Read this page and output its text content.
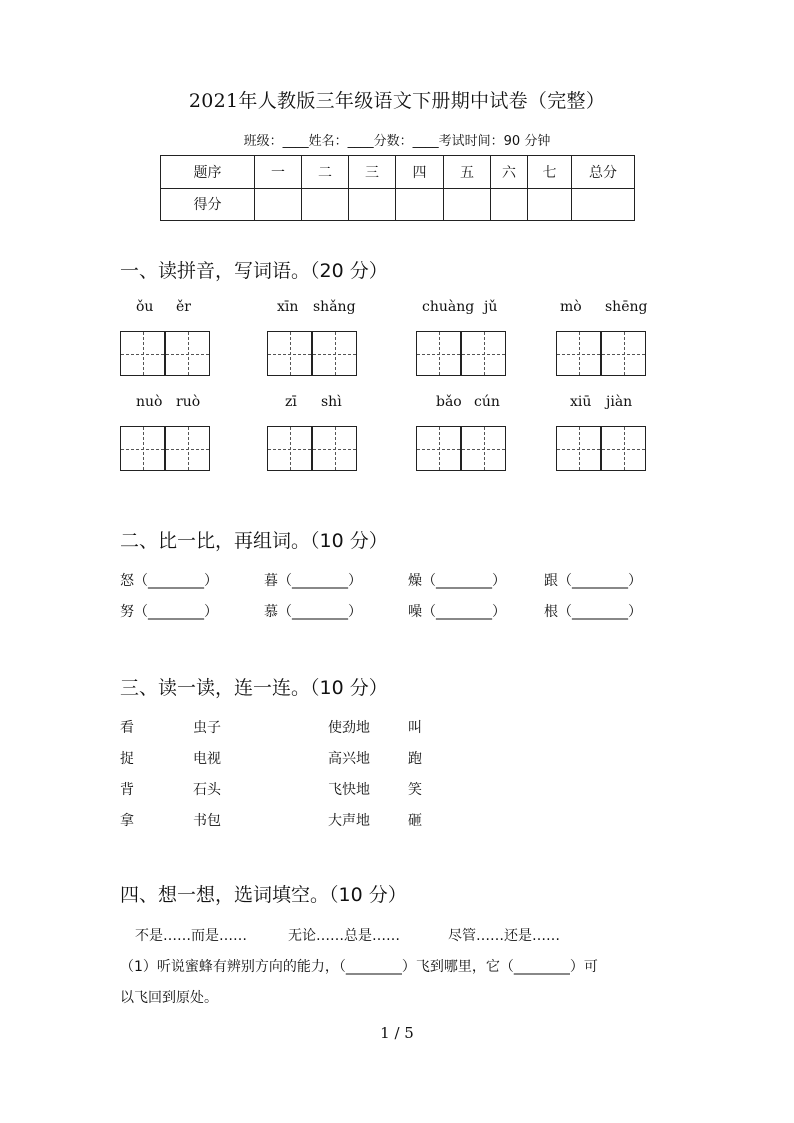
2021年人教版三年级语文下册期中试卷（完整）
班级：____姓名：____分数：____考试时间：90 分钟
题序	一	二	三	四	五	六	七	总分
得分								
一、读拼音，写词语。（20 分）
ǒu ěr	xīn shǎng	chuàng jǔ	mò shēng
nuò ruò	zī shì	bǎo cún	xiū jiàn
二、比一比，再组词。（10 分）
怒（________）	暮（________）	燥（________）	跟（________）
努（________）	慕（________）	噪（________）	根（________）
三、读一读，连一连。（10 分）
看	虫子	使劲地	叫
捉	电视	高兴地	跑
背	石头	飞快地	笑
拿	书包	大声地	砸
四、想一想，选词填空。（10 分）
不是……而是……	无论……总是……	尽管……还是……
（1）听说蜜蜂有辨别方向的能力，（________）飞到哪里，它（________）可
以飞回到原处。
1 / 5
